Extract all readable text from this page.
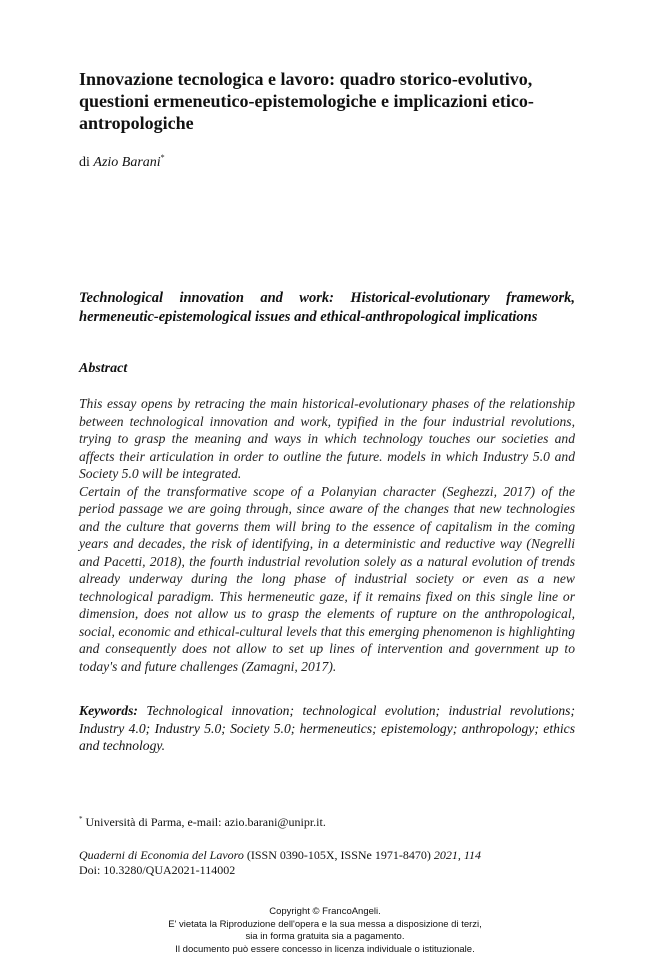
Innovazione tecnologica e lavoro: quadro storico-evolutivo, questioni ermeneutico-epistemologiche e implicazioni etico-antropologiche
di Azio Barani*
Technological innovation and work: Historical-evolutionary framework, hermeneutic-epistemological issues and ethical-anthropological implications
Abstract

This essay opens by retracing the main historical-evolutionary phases of the relationship between technological innovation and work, typified in the four industrial revolutions, trying to grasp the meaning and ways in which technology touches our societies and affects their articulation in order to outline the future. models in which Industry 5.0 and Society 5.0 will be integrated.

Certain of the transformative scope of a Polanyian character (Seghezzi, 2017) of the period passage we are going through, since aware of the changes that new technologies and the culture that governs them will bring to the essence of capitalism in the coming years and decades, the risk of identifying, in a deterministic and reductive way (Negrelli and Pacetti, 2018), the fourth industrial revolution solely as a natural evolution of trends already underway during the long phase of industrial society or even as a new technological paradigm. This hermeneutic gaze, if it remains fixed on this single line or dimension, does not allow us to grasp the elements of rupture on the anthropological, social, economic and ethical-cultural levels that this emerging phenomenon is highlighting and consequently does not allow to set up lines of intervention and government up to today's and future challenges (Zamagni, 2017).

Keywords: Technological innovation; technological evolution; industrial revolutions; Industry 4.0; Industry 5.0; Society 5.0; hermeneutics; epistemology; anthropology; ethics and technology.
* Università di Parma, e-mail: azio.barani@unipr.it.
Quaderni di Economia del Lavoro (ISSN 0390-105X, ISSNe 1971-8470) 2021, 114
Doi: 10.3280/QUA2021-114002
Copyright © FrancoAngeli.
E' vietata la Riproduzione dell'opera e la sua messa a disposizione di terzi,
sia in forma gratuita sia a pagamento.
Il documento può essere concesso in licenza individuale o istituzionale.
